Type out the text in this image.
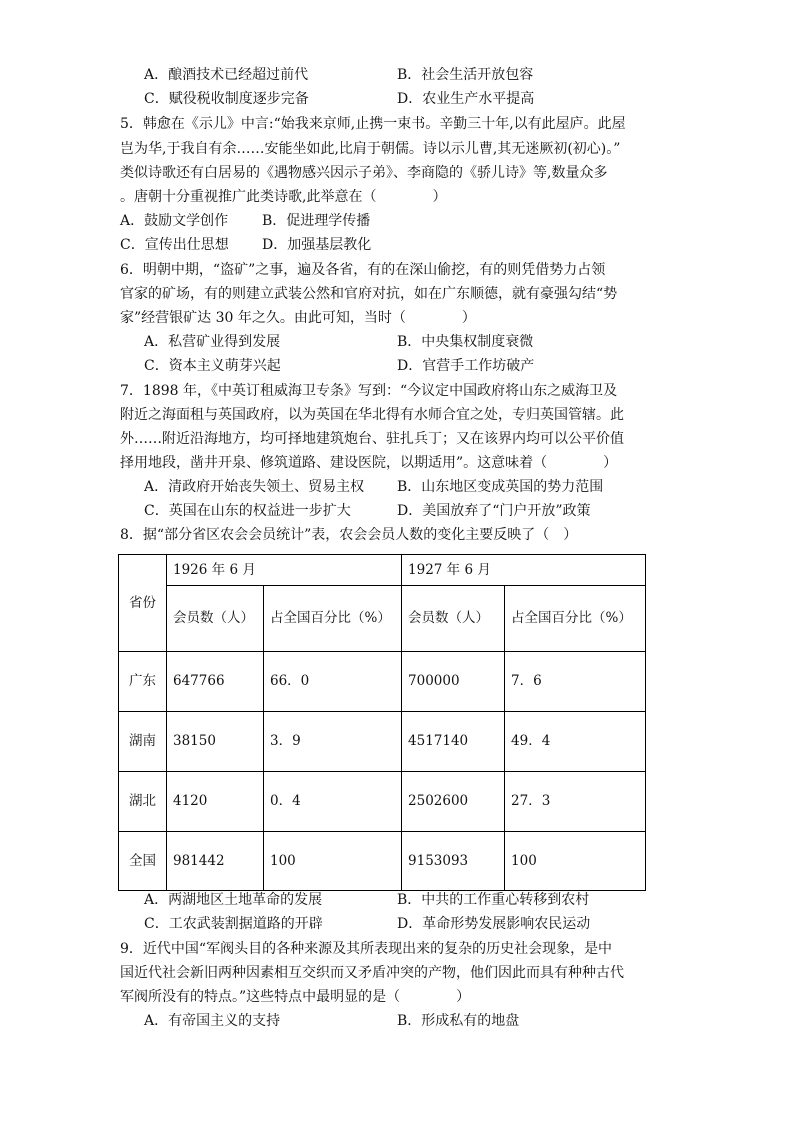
A．酿酒技术已经超过前代	B．社会生活开放包容
C．赋役税收制度逐步完备	D．农业生产水平提高
5．韩愈在《示儿》中言:“始我来京师,止携一束书。辛勤三十年,以有此屋庐。此屋
岂为华,于我自有余……安能坐如此,比肩于朝儒。诗以示儿曹,其无迷厥初(初心)。”
类似诗歌还有白居易的《遇物感兴因示子弟》、李商隐的《骄儿诗》等,数量众多
。唐朝十分重视推广此类诗歌,此举意在（　　　　）
A．鼓励文学创作 B．促进理学传播
C．宣传出仕思想 D．加强基层教化
6．明朝中期，“盗矿”之事，遍及各省，有的在深山偷挖，有的则凭借势力占领
官家的矿场，有的则建立武装公然和官府对抗，如在广东顺德，就有豪强勾结“势
家”经营银矿达 30 年之久。由此可知，当时（　　　　）
A．私营矿业得到发展	B．中央集权制度衰微
C．资本主义萌芽兴起	D．官营手工作坊破产
7．1898 年，《中英订租威海卫专条》写到：“今议定中国政府将山东之威海卫及
附近之海面租与英国政府，以为英国在华北得有水师合宜之处，专归英国管辖。此
外……附近沿海地方，均可择地建筑炮台、驻扎兵丁；又在该界内均可以公平价值
择用地段，凿井开泉、修筑道路、建设医院，以期适用”。这意味着（　　　　）
A．清政府开始丧失领土、贸易主权 B．山东地区变成英国的势力范围
C．英国在山东的权益进一步扩大	D．美国放弃了“门户开放”政策
8．据“部分省区农会会员统计”表，农会会员人数的变化主要反映了（　）
省份	1926 年 6 月		1927 年 6 月	
	会员数（人）	占全国百分比（%）	会员数（人）	占全国百分比（%）
广东	647766	66．0	700000	7．6
湖南	38150	3．9	4517140	49．4
湖北	4120	0．4	2502600	27．3
全国	981442	100	9153093	100
A．两湖地区土地革命的发展	B．中共的工作重心转移到农村
C．工农武装割据道路的开辟	D．革命形势发展影响农民运动
9．近代中国“军阀头目的各种来源及其所表现出来的复杂的历史社会现象，是中
国近代社会新旧两种因素相互交织而又矛盾冲突的产物，他们因此而具有种种古代
军阀所没有的特点。”这些特点中最明显的是（　　　　）
A．有帝国主义的支持	B．形成私有的地盘
